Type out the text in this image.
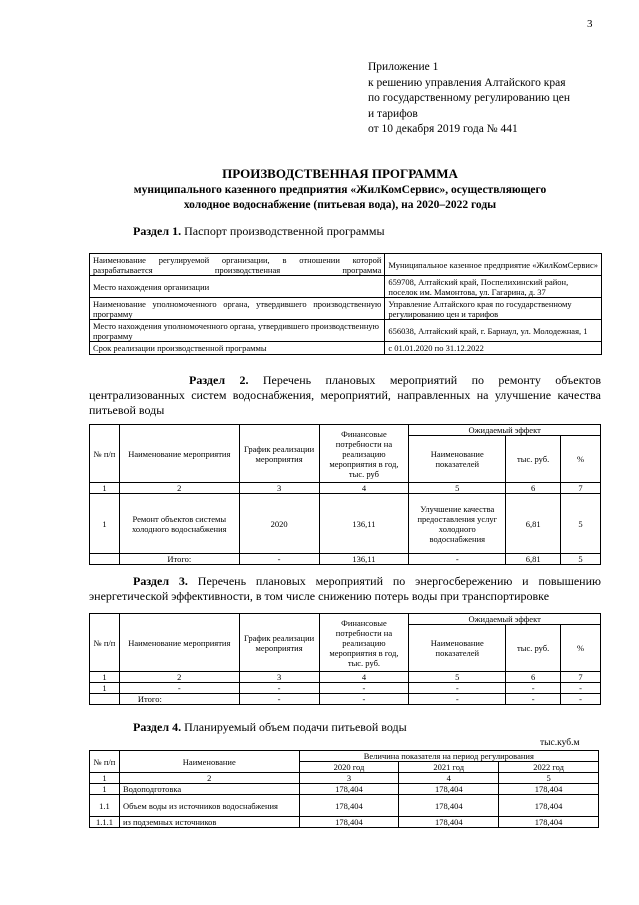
3
Приложение 1
к решению управления Алтайского края
по государственному регулированию цен
и тарифов
от 10 декабря 2019 года № 441
ПРОИЗВОДСТВЕННАЯ ПРОГРАММА
муниципального казенного предприятия «ЖилКомСервис», осуществляющего
холодное водоснабжение (питьевая вода), на 2020–2022 годы
Раздел 1. Паспорт производственной программы
Наименование регулируемой организации, в отношении которой разрабатывается производственная программа	Муниципальное казенное предприятие «ЖилКомСервис»
Место нахождения организации	659708, Алтайский край, Поспелихинский район, поселок им. Мамонтова, ул. Гагарина, д. 37
Наименование уполномоченного органа, утвердившего производственную программу	Управление Алтайского края по государственному регулированию цен и тарифов
Место нахождения уполномоченного органа, утвердившего производственную программу	656038, Алтайский край, г. Барнаул, ул. Молодежная, 1
Срок реализации производственной программы	с 01.01.2020 по 31.12.2022
Раздел 2. Перечень плановых мероприятий по ремонту объектов централизованных систем водоснабжения, мероприятий, направленных на улучшение качества питьевой воды
№ п/п	Наименование мероприятия	График реализации мероприятия	Финансовые потребности на реализацию мероприятия в год, тыс. руб	Ожидаемый эффект		
				Наименование показателей	тыс. руб.	%
1	2	3	4	5	6	7
1	Ремонт объектов системы холодного водоснабжения	2020	136,11	Улучшение качества предоставления услуг холодного водоснабжения	6,81	5
	Итого:	-	136,11	-	6,81	5
Раздел 3. Перечень плановых мероприятий по энергосбережению и повышению энергетической эффективности, в том числе снижению потерь воды при транспортировке
№ п/п	Наименование мероприятия	График реализации мероприятия	Финансовые потребности на реализацию мероприятия в год, тыс. руб.	Ожидаемый эффект		
				Наименование показателей	тыс. руб.	%
1	2	3	4	5	6	7
1	-	-	-	-	-	-
	Итого:	-	-	-	-	-
Раздел 4. Планируемый объем подачи питьевой воды
тыс.куб.м
№ п/п	Наименование	Величина показателя на период регулирования		
		2020 год	2021 год	2022 год
1	2	3	4	5
1	Водоподготовка	178,404	178,404	178,404
1.1	Объем воды из источников водоснабжения	178,404	178,404	178,404
1.1.1	из подземных источников	178,404	178,404	178,404
